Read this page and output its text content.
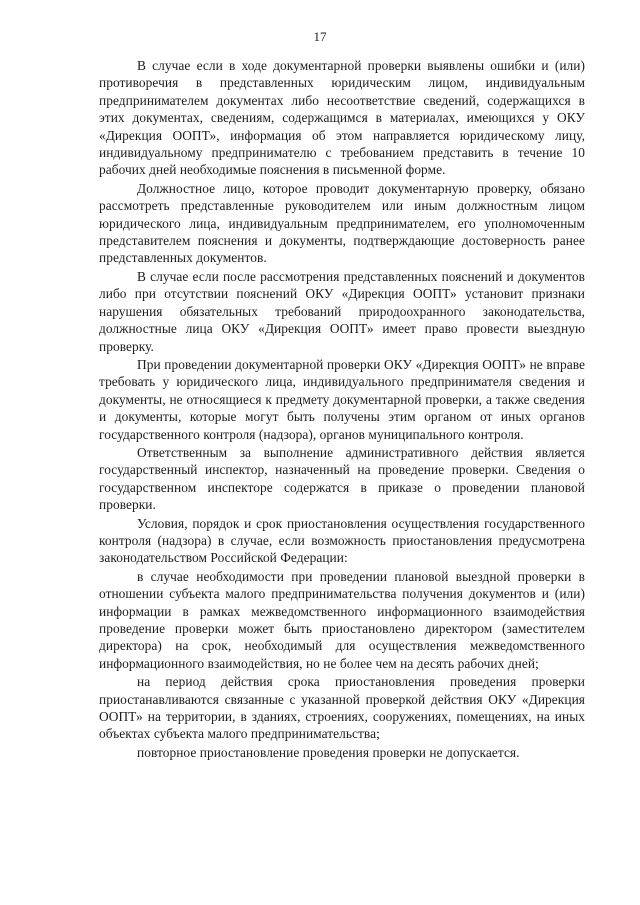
17

В случае если в ходе документарной проверки выявлены ошибки и (или) противоречия в представленных юридическим лицом, индивидуальным предпринимателем документах либо несоответствие сведений, содержащихся в этих документах, сведениям, содержащимся в материалах, имеющихся у ОКУ «Дирекция ООПТ», информация об этом направляется юридическому лицу, индивидуальному предпринимателю с требованием представить в течение 10 рабочих дней необходимые пояснения в письменной форме.

Должностное лицо, которое проводит документарную проверку, обязано рассмотреть представленные руководителем или иным должностным лицом юридического лица, индивидуальным предпринимателем, его уполномоченным представителем пояснения и документы, подтверждающие достоверность ранее представленных документов.

В случае если после рассмотрения представленных пояснений и документов либо при отсутствии пояснений ОКУ «Дирекция ООПТ» установит признаки нарушения обязательных требований природоохранного законодательства, должностные лица ОКУ «Дирекция ООПТ» имеет право провести выездную проверку.

При проведении документарной проверки ОКУ «Дирекция ООПТ» не вправе требовать у юридического лица, индивидуального предпринимателя сведения и документы, не относящиеся к предмету документарной проверки, а также сведения и документы, которые могут быть получены этим органом от иных органов государственного контроля (надзора), органов муниципального контроля.

Ответственным за выполнение административного действия является государственный инспектор, назначенный на проведение проверки. Сведения о государственном инспекторе содержатся в приказе о проведении плановой проверки.

Условия, порядок и срок приостановления осуществления государственного контроля (надзора) в случае, если возможность приостановления предусмотрена законодательством Российской Федерации:

в случае необходимости при проведении плановой выездной проверки в отношении субъекта малого предпринимательства получения документов и (или) информации в рамках межведомственного информационного взаимодействия проведение проверки может быть приостановлено директором (заместителем директора) на срок, необходимый для осуществления межведомственного информационного взаимодействия, но не более чем на десять рабочих дней;

на период действия срока приостановления проведения проверки приостанавливаются связанные с указанной проверкой действия ОКУ «Дирекция ООПТ» на территории, в зданиях, строениях, сооружениях, помещениях, на иных объектах субъекта малого предпринимательства;

повторное приостановление проведения проверки не допускается.
